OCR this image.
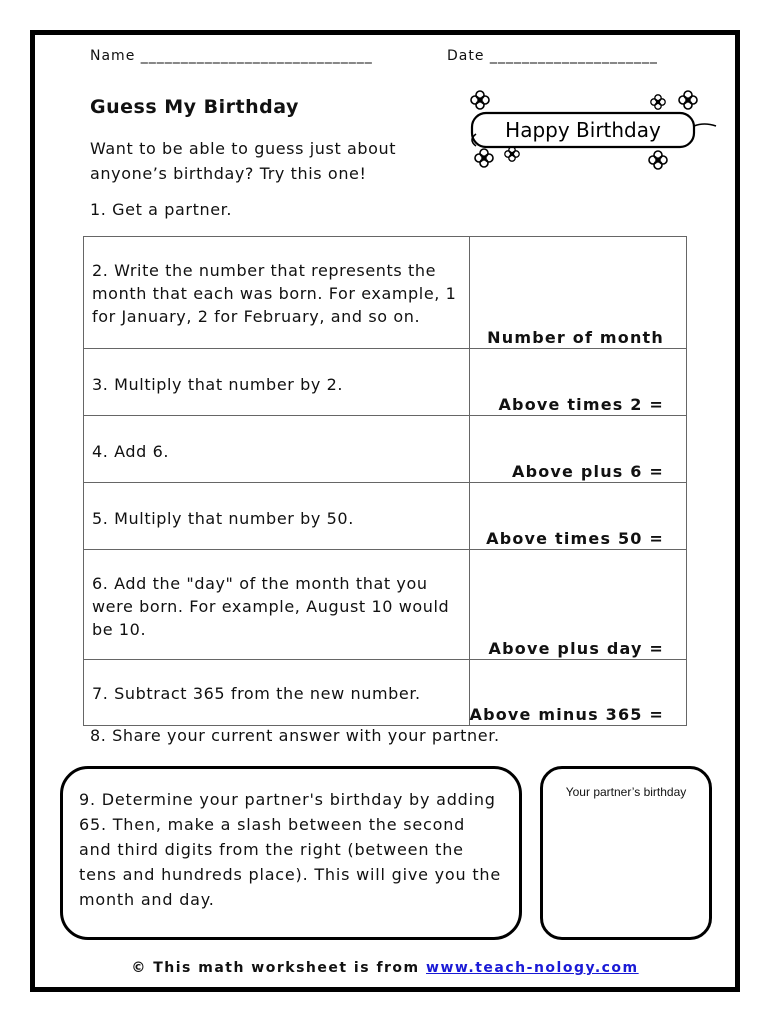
Name _____________________________	Date _____________________
Guess My Birthday
Want to be able to guess just about anyone’s birthday? Try this one!
1. Get a partner.
Happy Birthday
2. Write the number that represents the month that each was born. For example, 1 for January, 2 for February, and so on.	Number of month

3. Multiply that number by 2.	Above times 2 =

4. Add 6.	Above plus 6 =

5. Multiply that number by 50.	Above times 50 =

6. Add the "day" of the month that you were born. For example, August 10 would be 10.	Above plus day =

7. Subtract 365 from the new number.	Above minus 365 =
8. Share your current answer with your partner.
9. Determine your partner's birthday by adding 65. Then, make a slash between the second and third digits from the right (between the tens and hundreds place). This will give you the month and day.
Your partner’s birthday
© This math worksheet is from www.teach-nology.com
